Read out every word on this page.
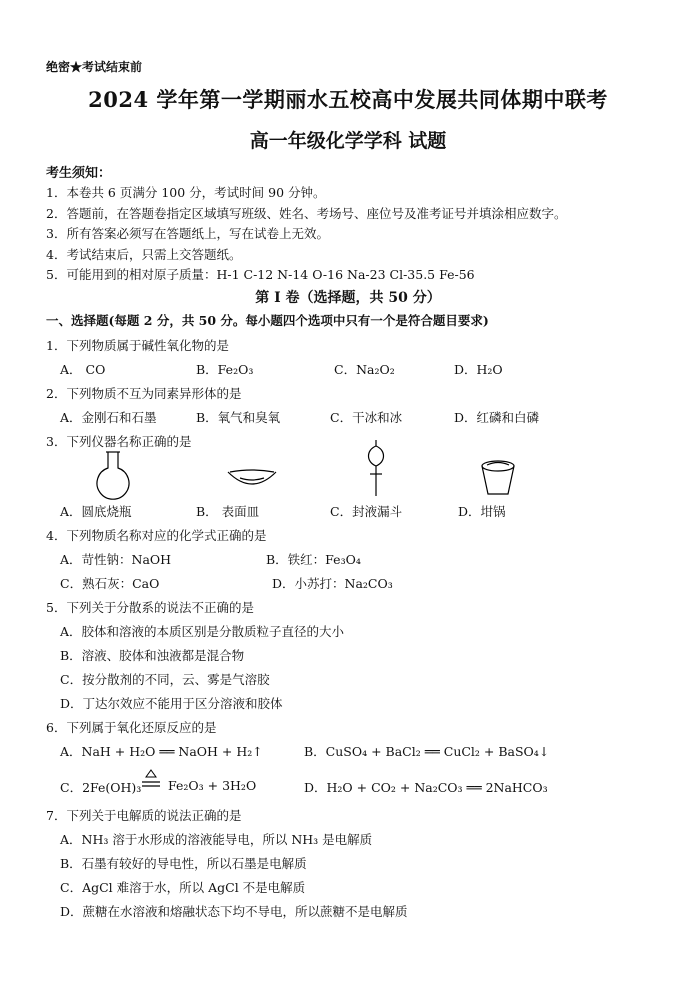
绝密★考试结束前
2024 学年第一学期丽水五校高中发展共同体期中联考
高一年级化学学科 试题
考生须知：
1．本卷共 6 页满分 100 分，考试时间 90 分钟。
2．答题前，在答题卷指定区域填写班级、姓名、考场号、座位号及准考证号并填涂相应数字。
3．所有答案必须写在答题纸上，写在试卷上无效。
4．考试结束后，只需上交答题纸。
5．可能用到的相对原子质量：H-1 C-12 N-14 O-16 Na-23 Cl-35.5 Fe-56
第 I 卷（选择题，共 50 分）
一、选择题(每题 2 分，共 50 分。每小题四个选项中只有一个是符合题目要求)
1．下列物质属于碱性氧化物的是
A． CO	B．Fe₂O₃	C．Na₂O₂	D．H₂O
2．下列物质不互为同素异形体的是
A．金刚石和石墨	B．氧气和臭氧	C．干冰和冰	D．红磷和白磷
3．下列仪器名称正确的是
A．圆底烧瓶	B． 表面皿	C．封液漏斗	D．坩锅
4．下列物质名称对应的化学式正确的是
A．苛性钠：NaOH	B．铁红：Fe₃O₄
C．熟石灰：CaO	D．小苏打：Na₂CO₃
5．下列关于分散系的说法不正确的是
A．胶体和溶液的本质区别是分散质粒子直径的大小
B．溶液、胶体和浊液都是混合物
C．按分散剂的不同，云、雾是气溶胶
D．丁达尔效应不能用于区分溶液和胶体
6．下列属于氧化还原反应的是
A．NaH + H₂O ══ NaOH + H₂↑	B．CuSO₄ + BaCl₂ ══ CuCl₂ + BaSO₄↓
C．2Fe(OH)₃ Fe₂O₃ + 3H₂O	D．H₂O + CO₂ + Na₂CO₃ ══ 2NaHCO₃
7．下列关于电解质的说法正确的是
A．NH₃ 溶于水形成的溶液能导电，所以 NH₃ 是电解质
B．石墨有较好的导电性，所以石墨是电解质
C．AgCl 难溶于水，所以 AgCl 不是电解质
D．蔗糖在水溶液和熔融状态下均不导电，所以蔗糖不是电解质
